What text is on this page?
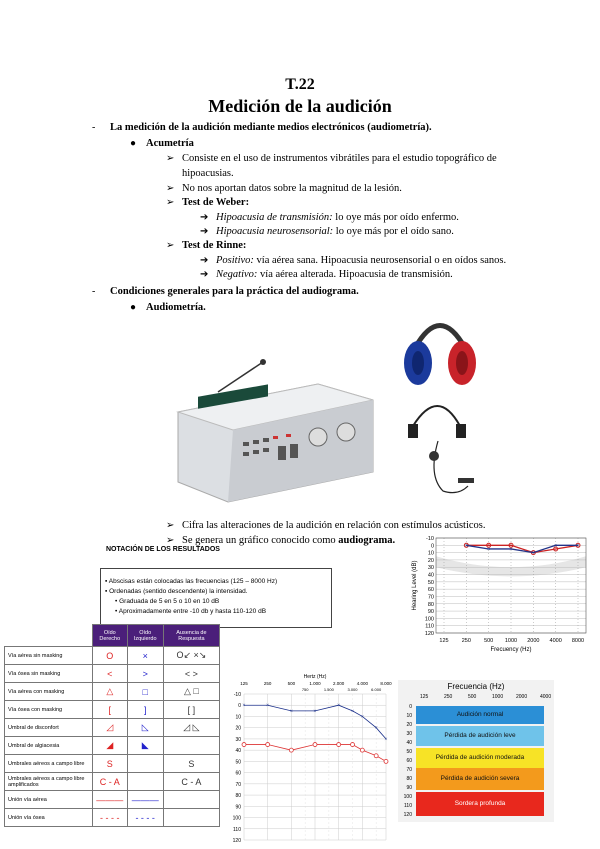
T.22
Medición de la audición
- La medición de la audición mediante medios electrónicos (audiometría).
● Acumetría
➢ Consiste en el uso de instrumentos vibrátiles para el estudio topográfico de
hipoacusias.
➢ No nos aportan datos sobre la magnitud de la lesión.
➢ Test de Weber:
➔ Hipoacusia de transmisión: lo oye más por oído enfermo.
➔ Hipoacusia neurosensorial: lo oye más por el oído sano.
➢ Test de Rinne:
➔ Positivo: vía aérea sana. Hipoacusia neurosensorial o en oídos sanos.
➔ Negativo: vía aérea alterada. Hipoacusia de transmisión.
- Condiciones generales para la práctica del audiograma.
● Audiometría.
➢ Cifra las alteraciones de la audición en relación con estímulos acústicos.
➢ Se genera un gráfico conocido como audiograma.
NOTACIÓN DE LOS RESULTADOS
▪ Abscisas están colocadas las frecuencias (125 – 8000 Hz)
▪ Ordenadas (sentido descendente) la intensidad.
• Graduada de 5 en 5 o 10 en 10 dB
• Aproximadamente entre -10 db y hasta 110-120 dB
-10
0
10
20
30
40
50
60
70
80
90
100
110
120
125 250 500 1000 2000 4000 8000
Frecuency (Hz)
Hearing Level (dB)
×
×	×
×
×	×
	Oído Derecho	Oído Izquierdo	Ausencia de Respuesta
Vía aérea sin masking	O	×	O↙ ×↘
Vía ósea sin masking	<	>	< >
Vía aérea con masking	△	□	△ □
Vía ósea con masking	[	]	[ ]
Umbral de disconfort	◿	◺	◿ ◺
Umbral de algiacesia	◢	◣	
Umbrales aéreos a campo libre	S		S
Umbrales aéreos a campo libre amplificados	C - A		C - A
Unión vía aérea	———	———	
Unión vía ósea	- - - -	- - - -	
Hertz (Hz)
-10
0
10
20
30
40
50
60
70
80
90
100
110
120
125	250	500	1.000	2.000	4.000	8.000
750	1.500	3.000	6.000
×	×
×	×
×
×
×
×
×
Frecuencia (Hz)
125	250	500	1000	2000	4000
0
10
20
30
40
50
60
70
80
90
100
110
120
Audición normal
Pérdida de audición leve
Pérdida de audición moderada
Pérdida de audición severa
Sordera profunda
